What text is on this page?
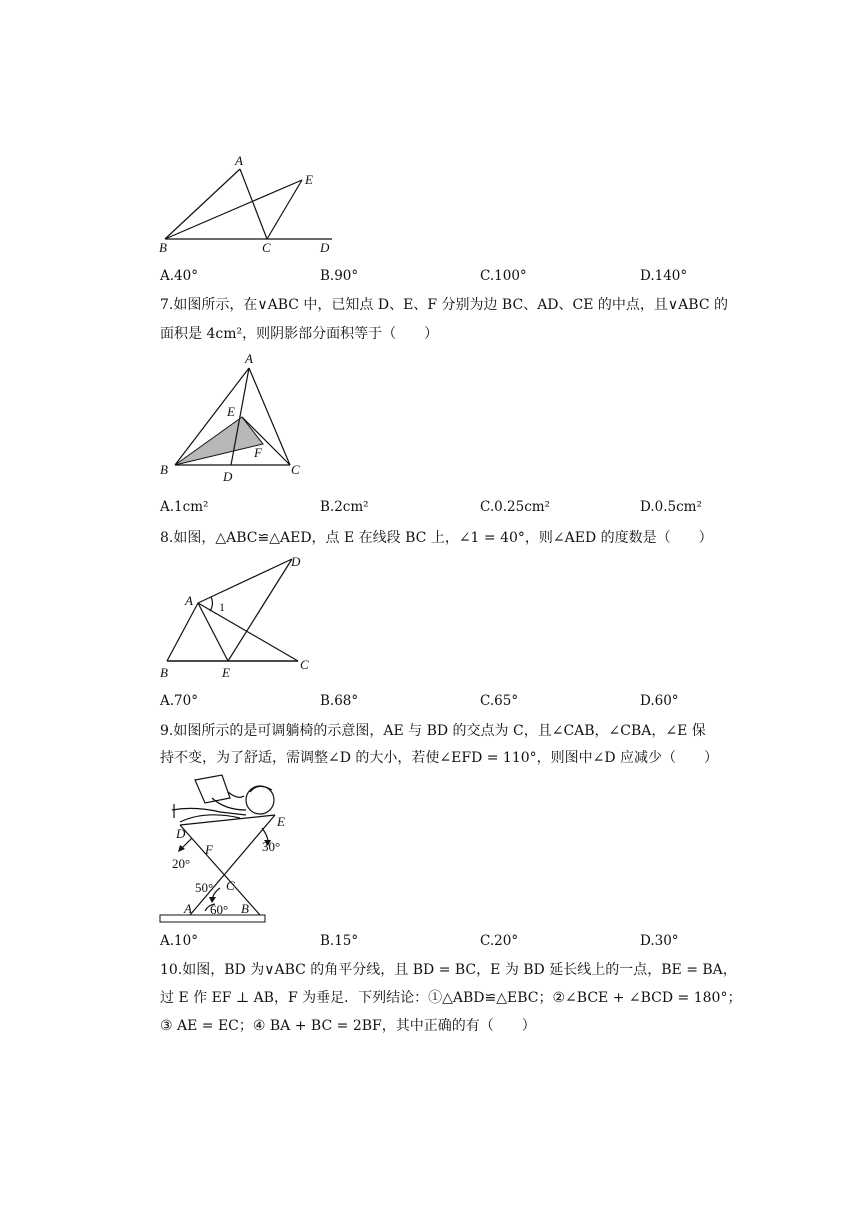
A
E
B	C	D
A.40°	B.90°	C.100°	D.140°
7.如图所示，在∨ABC 中，已知点 D、E、F 分别为边 BC、AD、CE 的中点，且∨ABC 的
面积是 4cm²，则阴影部分面积等于（　　）
A
E
F
B	D	C
A.1cm²	B.2cm²	C.0.25cm²	D.0.5cm²
8.如图，△ABC≌△AED，点 E 在线段 BC 上，∠1 = 40°，则∠AED 的度数是（　　）
A
D
B	E
C
1
A.70°	B.68°	C.65°	D.60°
9.如图所示的是可调躺椅的示意图，AE 与 BD 的交点为 C，且∠CAB，∠CBA，∠E 保
持不变，为了舒适，需调整∠D 的大小，若使∠EFD = 110°，则图中∠D 应减少（　　）
D
E
F
C
A	B
20°
30°
50°
60°
A.10°	B.15°	C.20°	D.30°
10.如图，BD 为∨ABC 的角平分线，且 BD = BC，E 为 BD 延长线上的一点，BE = BA，
过 E 作 EF ⊥ AB，F 为垂足．下列结论：①△ABD≌△EBC；②∠BCE + ∠BCD = 180°；
③ AE = EC；④ BA + BC = 2BF，其中正确的有（　　）
